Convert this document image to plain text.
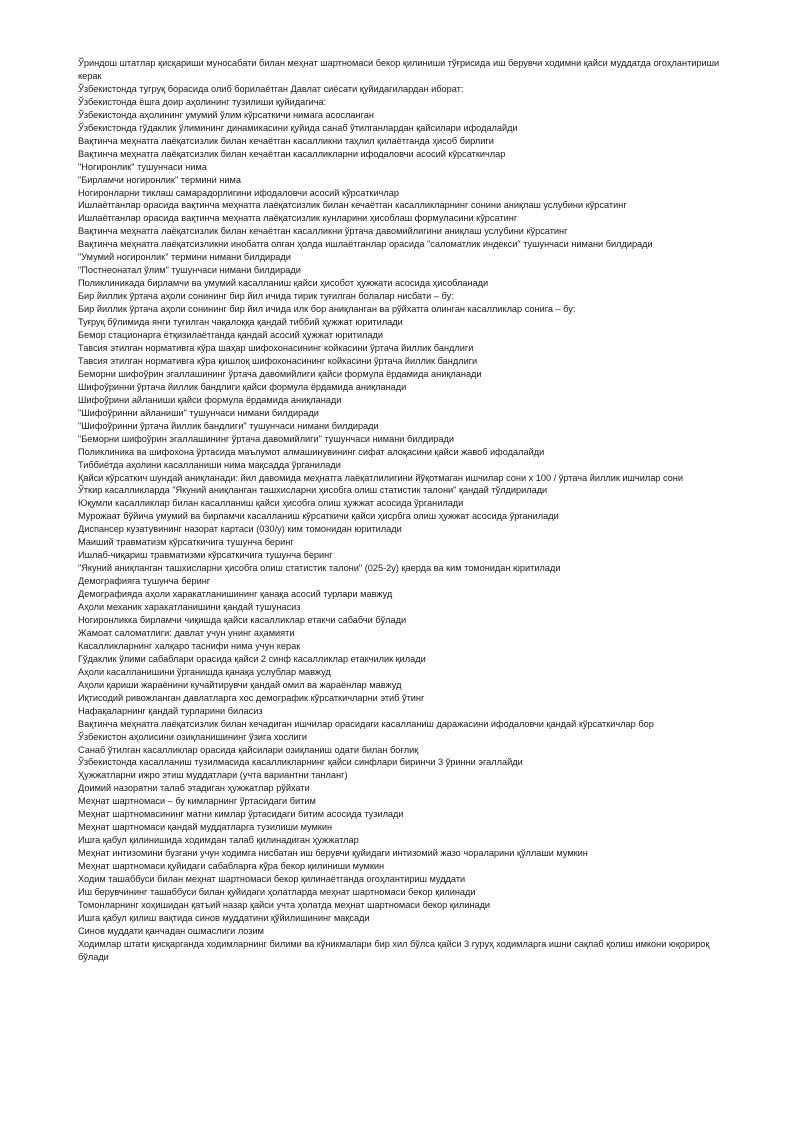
Ўриндош штатлар қисқариши муносабати билан меҳнат шартномаси бекор қилиниши тўғрисида иш берувчи ходимни қайси муддатда огоҳлантириши керак
Ўзбекистонда тугруқ борасида олиб борилаётган Давлат сиёсати қуйидагилардан иборат:
Ўзбекистонда ёшга доир аҳолининг тузилиши қуйидагича:
Ўзбекистонда аҳолининг умумий ўлим кўрсаткичи нимага асосланган
Ўзбекистонда гўдаклик ўлимининг динамикасини қуйида санаб ўтилганлардан қайсилари ифодалайди
Вақтинча меҳнатга лаёқатсизлик билан кечаётган касалликни таҳлил қилаётганда ҳисоб бирлиги
Вақтинча меҳнатга лаёқатсизлик билан кечаётган касалликларни ифодаловчи асосий кўрсаткичлар
"Ногиронлик" тушунчаси нима
"Бирламчи ногиронлик" термини нима
Ногиронларни тиклаш самарадорлигини ифодаловчи асосий кўрсаткичлар
Ишлаётганлар орасида вақтинча меҳнатга лаёқатсизлик билан кечаётган касалликларнинг сонини аниқлаш услубини кўрсатинг
Ишлаётганлар орасида вақтинча меҳнатга лаёқатсизлик кунларини ҳисоблаш формуласини кўрсатинг
Вақтинча меҳнатга лаёқатсизлик билан кечаётган касалликни ўртача давомийлигини аниқлаш услубини кўрсатинг
Вақтинча меҳнатга лаёқатсизликни инобатга олган ҳолда ишлаётганлар орасида "саломатлик индекси" тушунчаси нимани билдиради
"Умумий ногиронлик" термини нимани билдиради
"Постнеонатал ўлим" тушунчаси нимани билдиради
Поликлиникада бирламчи ва умумий касалланиш қайси ҳисобот ҳужжати асосида ҳисобланади
Бир йиллик ўртача аҳоли сонининг бир йил ичида тирик туғилган болалар нисбати – бу:
Бир йиллик ўртача аҳоли сонининг бир йил ичида илк бор аниқланган ва рўйхатга олинган касалликлар сонига – бу:
Туғруқ бўлимида янги туғилган чақалоққа қандай тиббий ҳужжат юритилади
Бемор стационарга ётқизилаётганда қандай асосий ҳужжат юритилади
Тавсия этилган нормативга кўра шаҳар шифохонасининг койкасини ўртача йиллик бандлиги
Тавсия этилган нормативга кўра қишлоқ шифохонасининг койкасини ўртача йиллик бандлиги
Беморни шифоўрин эгаллашининг ўртача давомийлиги қайси формула ёрдамида аниқланади
Шифоўринни ўртача йиллик бандлиги қайси формула ёрдамида аниқланади
Шифоўрини айланиши қайси формула ёрдамида аниқланади
"Шифоўринни айланиши" тушунчаси нимани билдиради
"Шифоўринни ўртача йиллик бандлиги" тушунчаси нимани билдиради
"Беморни шифоўрин эгаллашининг ўртача давомийлиги" тушунчаси нимани билдиради
Поликлиника ва шифохона ўртасида маълумот алмашинувининг сифат алоқасини қайси жавоб ифодалайди
Тиббиётда аҳолини касалланиши нима мақсадда ўрганилади
Қайси кўрсаткич шундай аниқланади: йил давомида меҳнатга лаёқатлилигини йўқотмаган ишчилар сони х 100 / ўртача йиллик ишчилар сони
Ўткир касалликларда "Якуний аниқланган ташхисларни ҳисобга олиш статистик талони" қандай тўлдирилади
Юқумли касалликлар билан касалланиш қайси ҳисобга олиш ҳужжат асосида ўрганилади
Мурожаат бўйича умумий ва бирламчи касалланиш кўрсаткичи қайси ҳисрбга олиш ҳужжат асосида ўрганилади
Диспансер кузатувининг назорат картаси (030/у) ким томонидан юритилади
Маиший травматизм кўрсаткичига тушунча беринг
Ишлаб-чиқариш травматизми кўрсаткичига тушунча беринг
"Якуний аниқланган ташхисларни ҳисобга олиш статистик талони" (025-2у) қаерда ва ким томонидан юритилади
Демографияга тушунча беринг
Демографияда аҳоли харакатланишининг қанақа асосий турлари мавжуд
Аҳоли механик харакатланишини қандай тушунасиз
Ногиронликка бирламчи чиқишда қайси касалликлар етакчи сабабчи бўлади
Жамоат саломатлиги: давлат учун унинг аҳамияти
Касалликларнинг халқаро таснифи нима учун керак
Гўдаклик ўлими сабаблари орасида қайси 2 синф касалликлар етакчилик қилади
Аҳоли касалланишини ўрганишда қанақа услублар мавжуд
Аҳоли қариши жараёнини кучайтирувчи қандай омил ва жараёнлар мавжуд
Иқтисодий ривожланган давлатларга хос демографик кўрсаткичларни этиб ўтинг
Нафақаларнинг қандай турларини биласиз
Вақтинча меҳнатга лаёқатсизлик билан кечадиган ишчилар орасидаги касалланиш даражасини ифодаловчи қандай кўрсаткичлар бор
Ўзбекистон аҳолисини озиқланишининг ўзига хослиги
Санаб ўтилган касалликлар орасида қайсилари озиқланиш одати билан боғлиқ
Ўзбекистонда касалланиш тузилмасида касалликларнинг қайси синфлари биринчи 3 ўринни эгаллайди
Ҳужжатларни ижро этиш муддатлари (учта вариантни танланг)
Доимий назоратни талаб этадиган ҳужжатлар рўйхати
Меҳнат шартномаси – бу кимларнинг ўртасидаги битим
Меҳнат шартномасининг матни кимлар ўртасидаги битим асосида тузилади
Меҳнат шартномаси қандай муддатларга тузилиши мумкин
Ишга қабул қилинишида ходимдан талаб қилинадиган ҳужжатлар
Меҳнат интизомини бузгани учун ходимга нисбатан иш берувчи қуйидаги интизомий жазо чораларини қўллаши мумкин
Меҳнат шартномаси қуйидаги сабабларга кўра бекор қилиниши мумкин
Ходим ташаббуси билан меҳнат шартномаси бекор қилинаётганда огоҳлантириш муддати
Иш берувчининг ташаббуси билан қуйидаги ҳолатларда меҳнат шартномаси бекор қилинади
Томонларнинг хоҳишидан қатъий назар қайси учта ҳолатда меҳнат шартномаси бекор қилинади
Ишга қабул қилиш вақтида синов муддатини қўйилишининг мақсади
Синов муддати қанчадан ошмаслиги лозим
Ходимлар штати қисқарганда ходимларнинг билими ва кўникмалари бир хил бўлса қайси 3 гуруҳ ходимларга ишни сақлаб қолиш имкони юқорироқ бўлади
